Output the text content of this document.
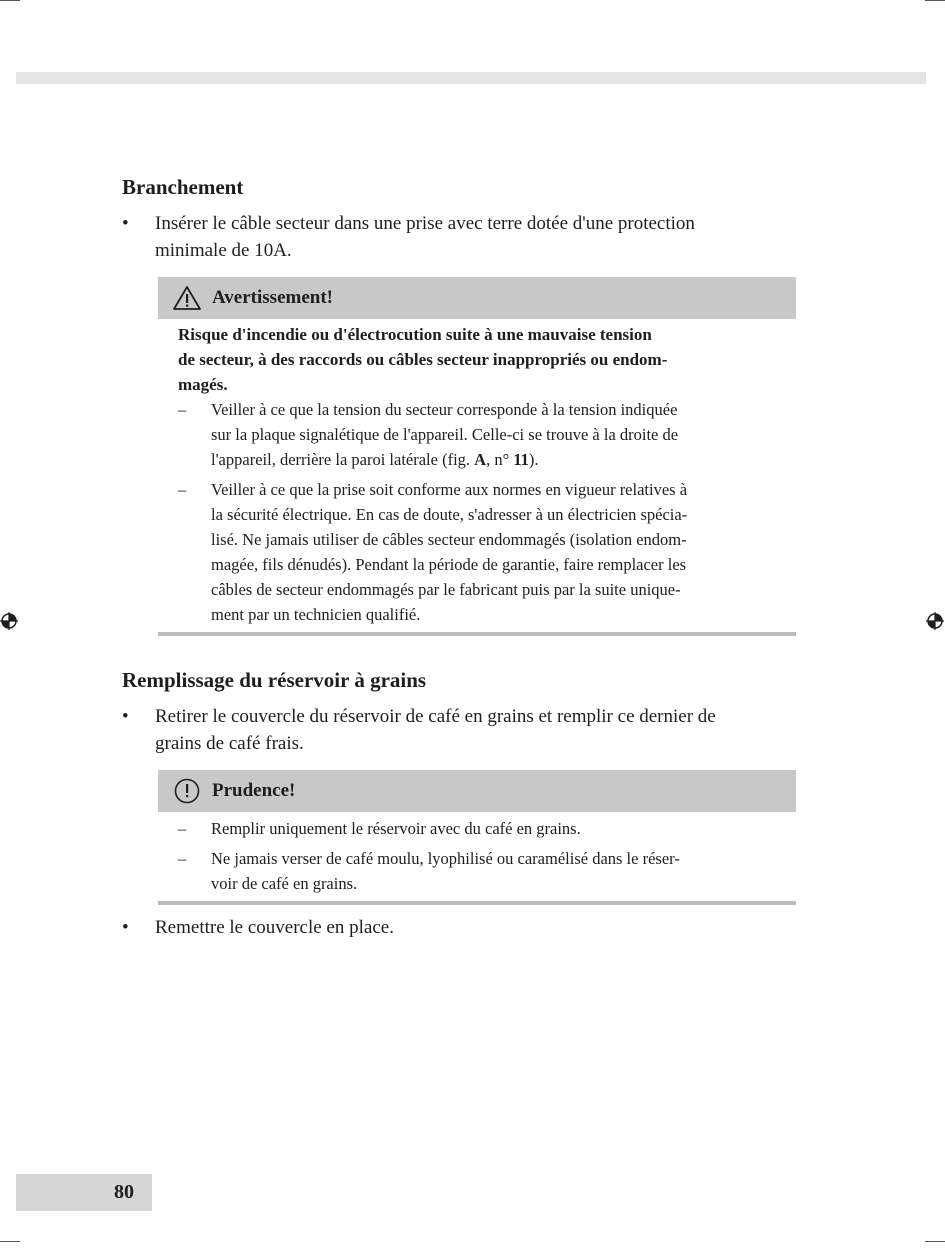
Branchement
• Insérer le câble secteur dans une prise avec terre dotée d'une protection
minimale de 10A.
Avertissement!
Risque d'incendie ou d'électrocution suite à une mauvaise tension
de secteur, à des raccords ou câbles secteur inappropriés ou endom-
magés.
– Veiller à ce que la tension du secteur corresponde à la tension indiquée
sur la plaque signalétique de l'appareil. Celle-ci se trouve à la droite de
l'appareil, derrière la paroi latérale (fig. A, n° 11).
– Veiller à ce que la prise soit conforme aux normes en vigueur relatives à
la sécurité électrique. En cas de doute, s'adresser à un électricien spécia-
lisé. Ne jamais utiliser de câbles secteur endommagés (isolation endom-
magée, fils dénudés). Pendant la période de garantie, faire remplacer les
câbles de secteur endommagés par le fabricant puis par la suite unique-
ment par un technicien qualifié.
Remplissage du réservoir à grains
• Retirer le couvercle du réservoir de café en grains et remplir ce dernier de
grains de café frais.
Prudence!
– Remplir uniquement le réservoir avec du café en grains.
– Ne jamais verser de café moulu, lyophilisé ou caramélisé dans le réser-
voir de café en grains.
• Remettre le couvercle en place.
80
